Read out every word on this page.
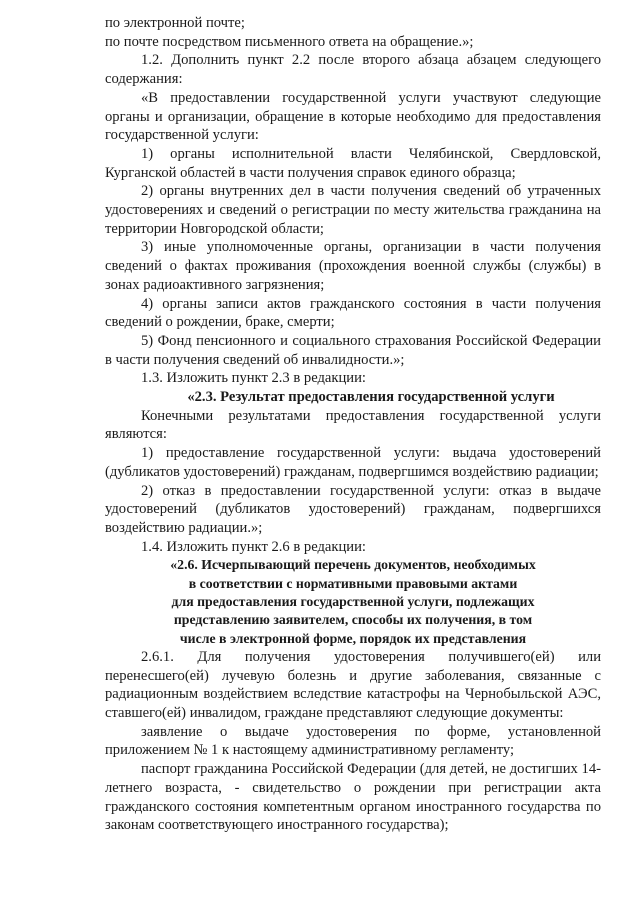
по электронной почте;

по почте посредством письменного ответа на обращение.»;

1.2. Дополнить пункт 2.2 после второго абзаца абзацем следующего содержания:

«В предоставлении государственной услуги участвуют следующие органы и организации, обращение в которые необходимо для предоставления государственной услуги:

1) органы исполнительной власти Челябинской, Свердловской, Курганской областей в части получения справок единого образца;

2) органы внутренних дел в части получения сведений об утраченных удостоверениях и сведений о регистрации по месту жительства гражданина на территории Новгородской области;

3) иные уполномоченные органы, организации в части получения сведений о фактах проживания (прохождения военной службы (службы) в зонах радиоактивного загрязнения;

4) органы записи актов гражданского состояния в части получения сведений о рождении, браке, смерти;

5) Фонд пенсионного и социального страхования Российской Федерации в части получения сведений об инвалидности.»;

1.3. Изложить пункт 2.3 в редакции:

«2.3. Результат предоставления государственной услуги

Конечными результатами предоставления государственной услуги являются:

1) предоставление государственной услуги: выдача удостоверений (дубликатов удостоверений) гражданам, подвергшимся воздействию радиации;

2) отказ в предоставлении государственной услуги: отказ в выдаче удостоверений (дубликатов удостоверений) гражданам, подвергшихся воздействию радиации.»;

1.4. Изложить пункт 2.6 в редакции:

«2.6. Исчерпывающий перечень документов, необходимых

в соответствии с нормативными правовыми актами

для предоставления государственной услуги, подлежащих

представлению заявителем, способы их получения, в том

числе в электронной форме, порядок их представления

2.6.1. Для получения удостоверения получившего(ей) или перенесшего(ей) лучевую болезнь и другие заболевания, связанные с радиационным воздействием вследствие катастрофы на Чернобыльской АЭС, ставшего(ей) инвалидом, граждане представляют следующие документы:

заявление о выдаче удостоверения по форме, установленной приложением № 1 к настоящему административному регламенту;

паспорт гражданина Российской Федерации (для детей, не достигших 14-летнего возраста, - свидетельство о рождении при регистрации акта гражданского состояния компетентным органом иностранного государства по законам соответствующего иностранного государства);
